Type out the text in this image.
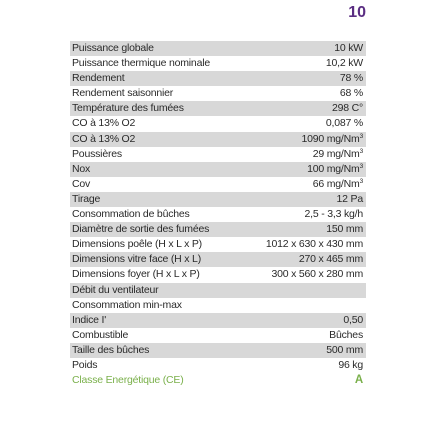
10
Puissance globale	10 kW
Puissance thermique nominale	10,2 kW
Rendement	78 %
Rendement saisonnier	68 %
Température des fumées	298 C°
CO à 13% O2	0,087 %
CO à 13% O2	1090 mg/Nm$^3$
Poussières	29 mg/Nm$^3$
Nox	100 mg/Nm$^3$
Cov	66 mg/Nm$^3$
Tirage	12 Pa
Consommation de bûches	2,5 - 3,3 kg/h
Diamètre de sortie des fumées	150 mm
Dimensions poêle (H x L x P)	1012 x 630 x 430 mm
Dimensions vitre face (H x L)	270 x 465 mm
Dimensions foyer (H x L x P)	300 x 560 x 280 mm
Débit du ventilateur	
Consommation min-max	
Indice I'	0,50
Combustible	Bûches
Taille des bûches	500 mm
Poids	96 kg
Classe Energétique (CE)	A
